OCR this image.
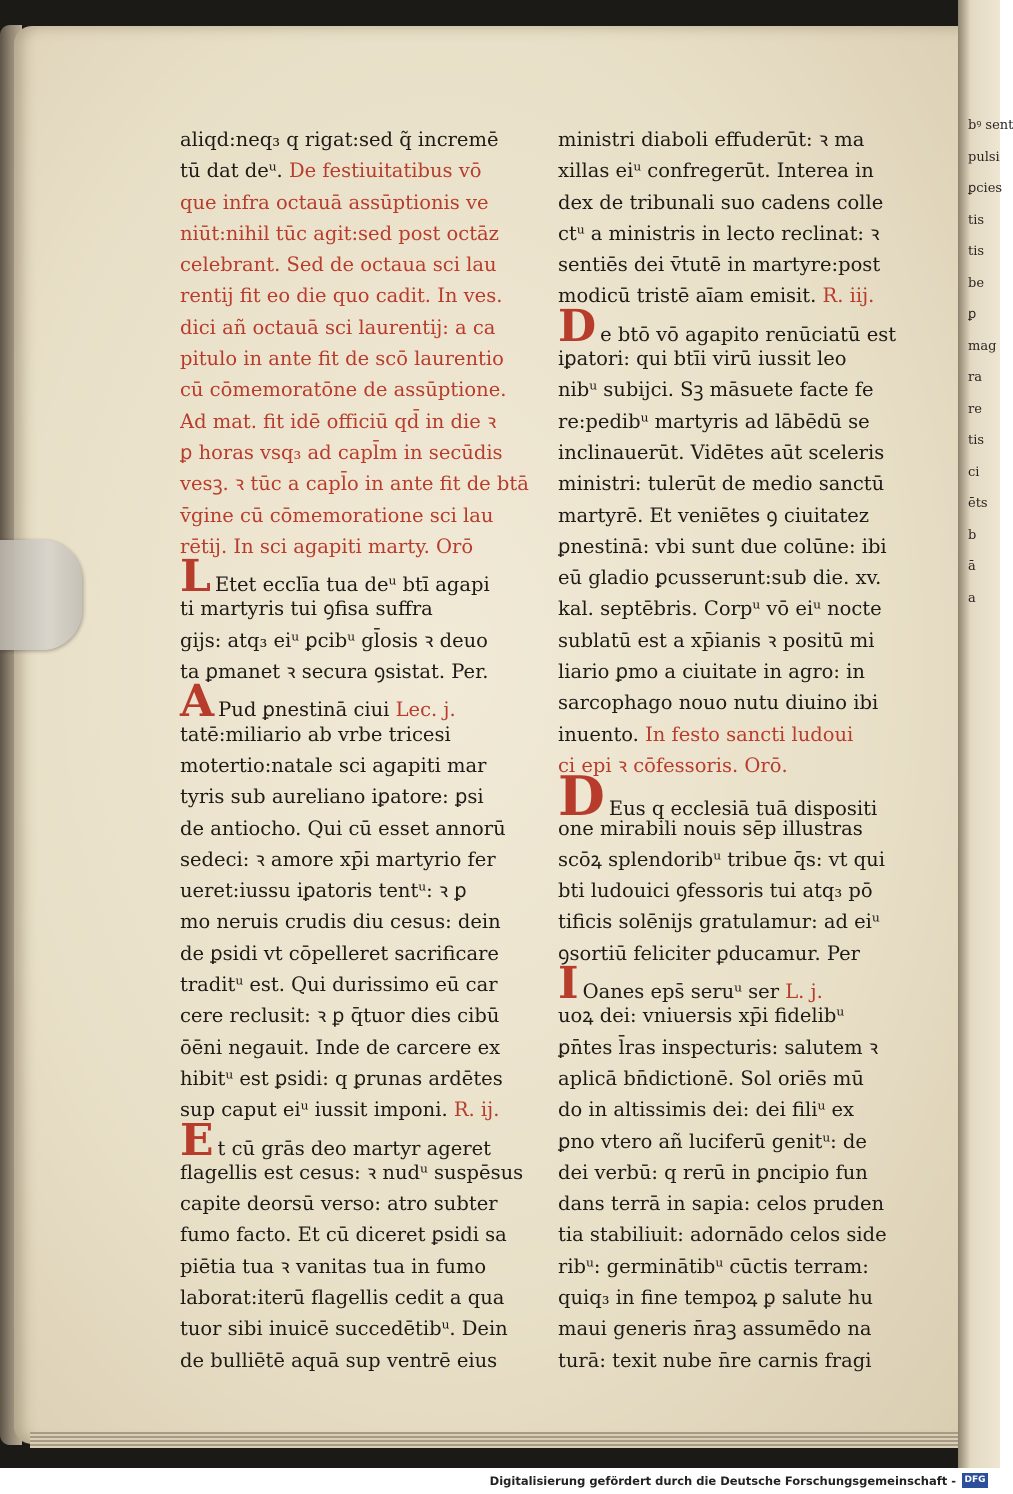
bꝰ sent
pulsi
ꝑcies
tis
tis
be
ꝑ
mag
ra
re
tis
ci
ēts
b
ā
a
aliqd:neq₃ q rigat:sed q̃ incremē
tū dat deᵘ. De festiuitatibus vō
que infra octauā assūptionis ve
niūt:nihil tūc agit:sed post octāz
celebrant. Sed de octaua sci lau
rentij fit eo die quo cadit. In ves.
dici añ octauā sci laurentij: a ca
pitulo in ante fit de scō laurentio
cū cōmemoratōne de assūptione.
Ad mat. fit idē officiū qd̄ in die ꝛ
ꝑ horas vsq₃ ad capl̄m in secūdis
vesꝫ. ꝛ tūc a capl̄o in ante fit de btā
v̄gine cū cōmemoratione sci lau
rētij. In sci agapiti marty. Orō
L Etet ecclīa tua deᵘ btī agapi
ti martyris tui ꝯfisa suffra
gijs: atq₃ eiᵘ ꝑcibᵘ gl̄osis ꝛ deuo
ta ꝑmanet ꝛ secura ꝯsistat. Per.
A Pud ꝑnestinā ciui Lec. j.
tatē:miliario ab vrbe tricesi
motertio:natale sci agapiti mar
tyris sub aureliano iꝑatore: ꝑsi
de antiocho. Qui cū esset annorū
sedeci: ꝛ amore xp̄i martyrio fer
ueret:iussu iꝑatoris tentᵘ: ꝛ ꝑ
mo neruis crudis diu cesus: dein
de ꝑsidi vt cōpelleret sacrificare
traditᵘ est. Qui durissimo eū car
cere reclusit: ꝛ ꝑ q̄tuor dies cibū
ōēni negauit. Inde de carcere ex
hibitᵘ est ꝑsidi: q ꝑrunas ardētes
sup caput eiᵘ iussit imponi. R. ij.
Et cū grās deo martyr ageret
flagellis est cesus: ꝛ nudᵘ suspēsus
capite deorsū verso: atro subter
fumo facto. Et cū diceret ꝑsidi sa
piētia tua ꝛ vanitas tua in fumo
laborat:iterū flagellis cedit a qua
tuor sibi inuicē succedētibᵘ. Dein
de bulliētē aquā sup ventrē eius
ministri diaboli effuderūt: ꝛ ma
xillas eiᵘ confregerūt. Interea in
dex de tribunali suo cadens colle
ctᵘ a ministris in lecto reclinat: ꝛ
sentiēs dei v̄tutē in martyre:post
modicū tristē aīam emisit. R. iij.
De btō vō agapito renūciatū est
iꝑatori: qui btīi virū iussit leo
nibᵘ subijci. Sꝫ māsuete facte fe
re:pedibᵘ martyris ad lābēdū se
inclinauerūt. Vidētes aūt sceleris
ministri: tulerūt de medio sanctū
martyrē. Et veniētes ꝯ ciuitatez
ꝑnestinā: vbi sunt due colūne: ibi
eū gladio ꝑcusserunt:sub die. xv.
kal. septēbris. Corpᵘ vō eiᵘ nocte
sublatū est a xp̄ianis ꝛ positū mi
liario ꝑmo a ciuitate in agro: in
sarcophago nouo nutu diuino ibi
inuento. In festo sancti ludoui
ci epi ꝛ cōfessoris. Orō.
D Eus q ecclesiā tuā dispositi
one mirabili nouis sēp illustras
scōꝝ splendoribᵘ tribue q̄s: vt qui
bti ludouici ꝯfessoris tui atq₃ pō
tificis solēnijs gratulamur: ad eiᵘ
ꝯsortiū feliciter ꝑducamur. Per
I Oanes eps̄ seruᵘ ser L. j.
uoꝝ dei: vniuersis xp̄i fidelibᵘ
ꝑn̄tes l̄ras inspecturis: salutem ꝛ
aplicā bn̄dictionē. Sol oriēs mū
do in altissimis dei: dei filiᵘ ex
ꝑno vtero añ luciferū genitᵘ: de
dei verbū: q rerū in ꝑncipio fun
dans terrā in sapia: celos pruden
tia stabiliuit: adornādo celos side
ribᵘ: germinātibᵘ cūctis terram:
quiq₃ in fine tempoꝝ ꝑ salute hu
maui generis n̄raꝫ assumēdo na
turā: texit nube n̄re carnis fragi
Digitalisierung gefördert durch die Deutsche Forschungsgemeinschaft - DFG
